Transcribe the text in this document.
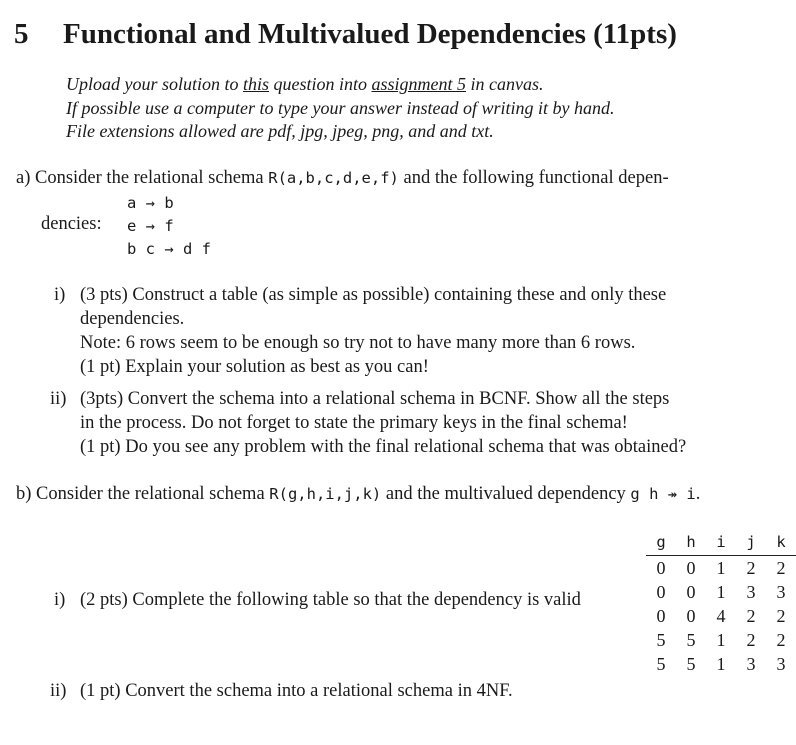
5 Functional and Multivalued Dependencies (11pts)
Upload your solution to this question into assignment 5 in canvas.
If possible use a computer to type your answer instead of writing it by hand.
File extensions allowed are pdf, jpg, jpeg, png, and and txt.
a) Consider the relational schema R(a,b,c,d,e,f) and the following functional depen-
a → b
e → f
b c → d f
dencies:
i) (3 pts) Construct a table (as simple as possible) containing these and only these
dependencies.
Note: 6 rows seem to be enough so try not to have many more than 6 rows.
(1 pt) Explain your solution as best as you can!
ii) (3pts) Convert the schema into a relational schema in BCNF. Show all the steps
in the process. Do not forget to state the primary keys in the final schema!
(1 pt) Do you see any problem with the final relational schema that was obtained?
b) Consider the relational schema R(g,h,i,j,k) and the multivalued dependency g h ↠ i.
i) (2 pts) Complete the following table so that the dependency is valid
g	h	i	j	k
0	0	1	2	2
0	0	1	3	3
0	0	4	2	2
5	5	1	2	2
5	5	1	3	3
ii) (1 pt) Convert the schema into a relational schema in 4NF.
